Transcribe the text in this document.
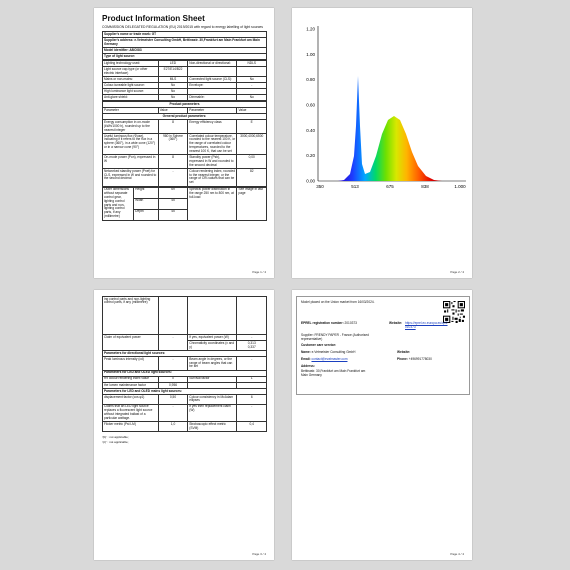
Product Information Sheet
COMMISSION DELEGATED REGULATION (EU) 2019/2015 with regard to energy labelling of light sources
Supplier's name or trade mark: GT
Supplier's address: e.Vetmeister Consulting GmbH, Bettinastr. 30,Frankfurt am Main Frankfurt am Main Germany
Model identifier: ABC083
Type of light source:
Lighting technology used:	LED	Non-directional or directional:	NDLS
Light source cap-type (or other electric interface)	E27/E14/B22		
Mains or non-mains:	MLS	Connected light source (CLS):	No
Colour-tuneable light source:	No	Envelope:	-
High luminance light source:	No		
Anti-glare shield:	No	Dimmable:	No
Product parameters			
Parameter	Value	Parameter	Value
General product parameters:			
Energy consumption in on-mode (kWh/1000 h), rounded up to the nearest integer	8	Energy efficiency class	E
Useful luminous flux (Φuse), indicating if it refers to the flux in a sphere (360°), in a wide cone (120°) or in a narrow cone (90°)	980 in Sphere (360°)	Correlated colour temperature, rounded to the nearest 100 K, or the range of correlated colour temperatures, rounded to the nearest 100 K, that can be set	3000,4000,6500
On-mode power (Pon), expressed in W	8	Standby power (Psb), expressed in W and rounded to the second decimal	0,00
Networked standby power (Pnet) for CLS, expressed in W and rounded to the second decimal	-	Colour rendering index, rounded to the nearest integer, or the range of CRI-values that can be set	82
Outer dimensions without separate control gear, lighting control parts and non-lighting control parts, if any (millimetre)	Height	69	Spectral power distribution in the range 250 nm to 800 nm, at full-load	See image in last page
	Width	45		
	Depth	45		
Page 1 / 4
1.20
1.00
0.80
0.60
0.40
0.20
0.00
350	513	675	838	1.000
Page 2 / 4
ing control parts and non-lighting control parts, if any (millimetre)			
Claim of equivalent power	-	If yes, equivalent power (W)	-
		Chromaticity coordinates (x and y)	0,313
0,337
Parameters for directional light sources:			
Peak luminous intensity (cd)	-	Beam angle in degrees, or the range of beam angles that can be set	-
Parameters for LED and OLED light sources:			
R9 colour rendering index value	0	Survival factor	1
the lumen maintenance factor	0,956		
Parameters for LED and OLED mains light sources:			
displacement factor (cos φ1)	0,50	Colour consistency in McAdam ellipses	6
Claims that an LED light source replaces a fluorescent light source without integrated ballast of a particular wattage.	-	If yes then replacement claim (W)	-
Flicker metric (Pst LM)	1,0	Stroboscopic effect metric (SVM)	0,4
'(b)' : not applicable;
'(c)' : not applicable;
Page 3 / 4
Model placed on the Union market from 16/03/2024.
EPREL registration number: 2010373	Website: https://eprel.ec.europa.eu/qr/2010373
Supplier: FRENDY PAPER - France (Authorised representative)
Customer care service:
Name: e.Vetmeister Consulting GmbH	Website:
Email: contact@evatmaster.com	Phone: +496991778030
Address:
Bettinastr. 30,Frankfurt am Main Frankfurt am Main Germany
Page 4 / 4
